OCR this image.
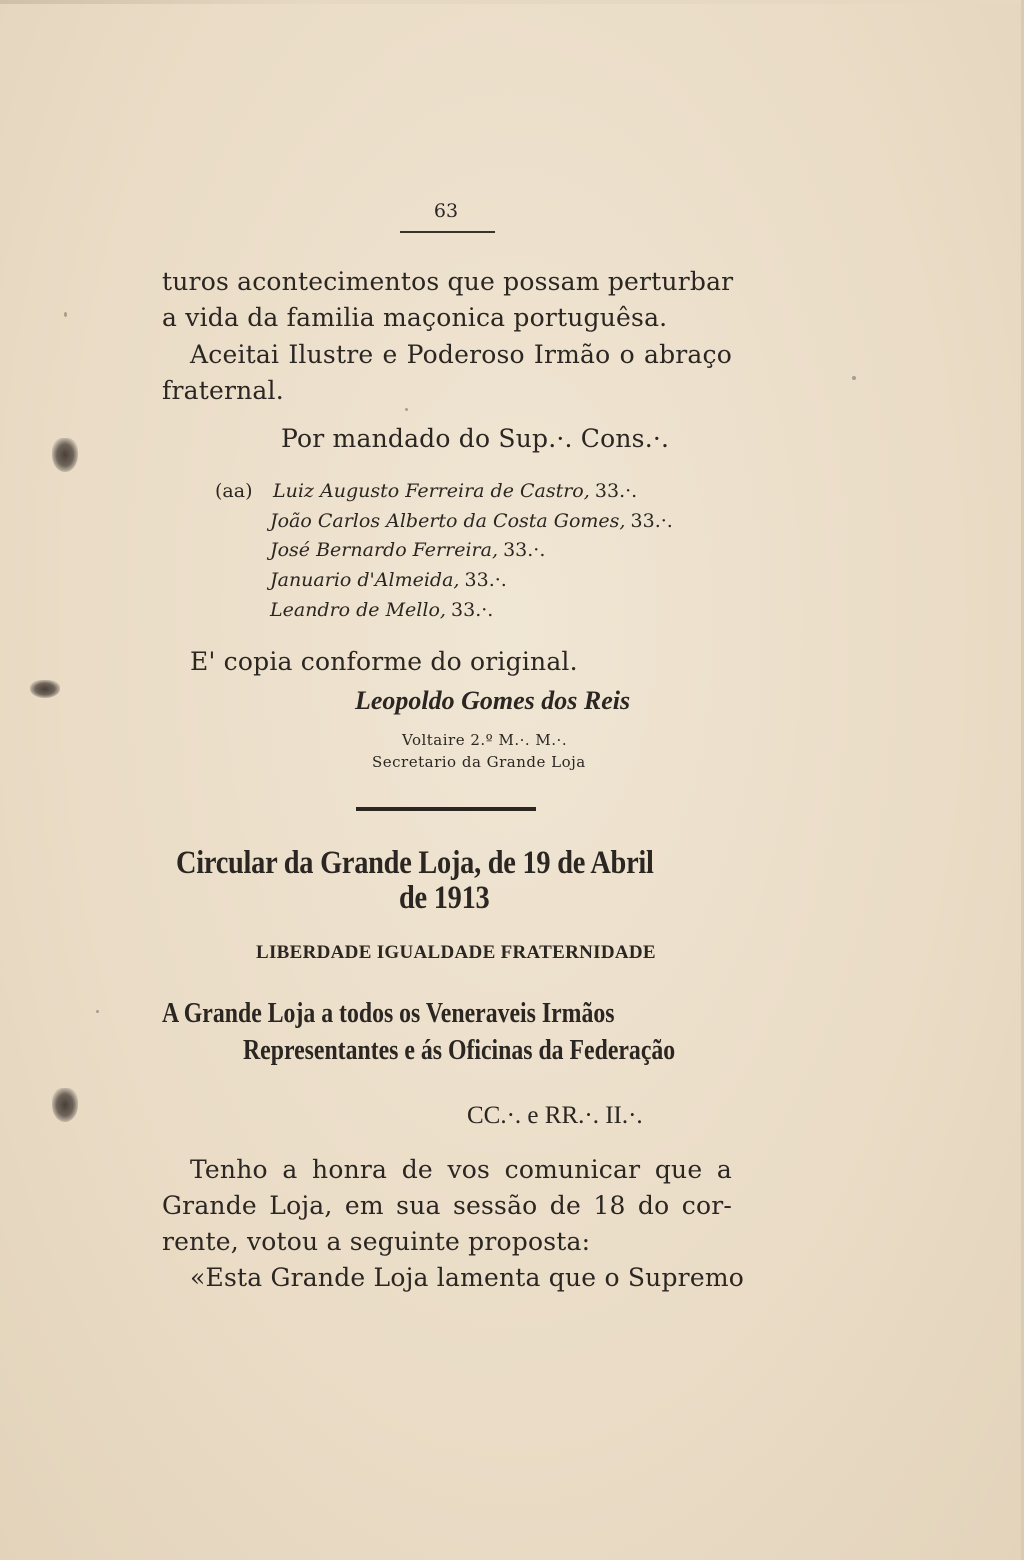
63
turos acontecimentos que possam perturbar
a vida da familia maçonica portuguêsa.
Aceitai Ilustre e Poderoso Irmão o abraço
fraternal.
Por mandado do Sup.·. Cons.·.
(aa) Luiz Augusto Ferreira de Castro, 33.·.
João Carlos Alberto da Costa Gomes, 33.·.
José Bernardo Ferreira, 33.·.
Januario d'Almeida, 33.·.
Leandro de Mello, 33.·.
E' copia conforme do original.
Leopoldo Gomes dos Reis
Voltaire 2.º M.·. M.·.
Secretario da Grande Loja
Circular da Grande Loja, de 19 de Abril
de 1913
LIBERDADE IGUALDADE FRATERNIDADE
A Grande Loja a todos os Veneraveis Irmãos
Representantes e ás Oficinas da Federação
CC.·. e RR.·. II.·.
Tenho a honra de vos comunicar que a
Grande Loja, em sua sessão de 18 do cor-
rente, votou a seguinte proposta:
«Esta Grande Loja lamenta que o Supremo
